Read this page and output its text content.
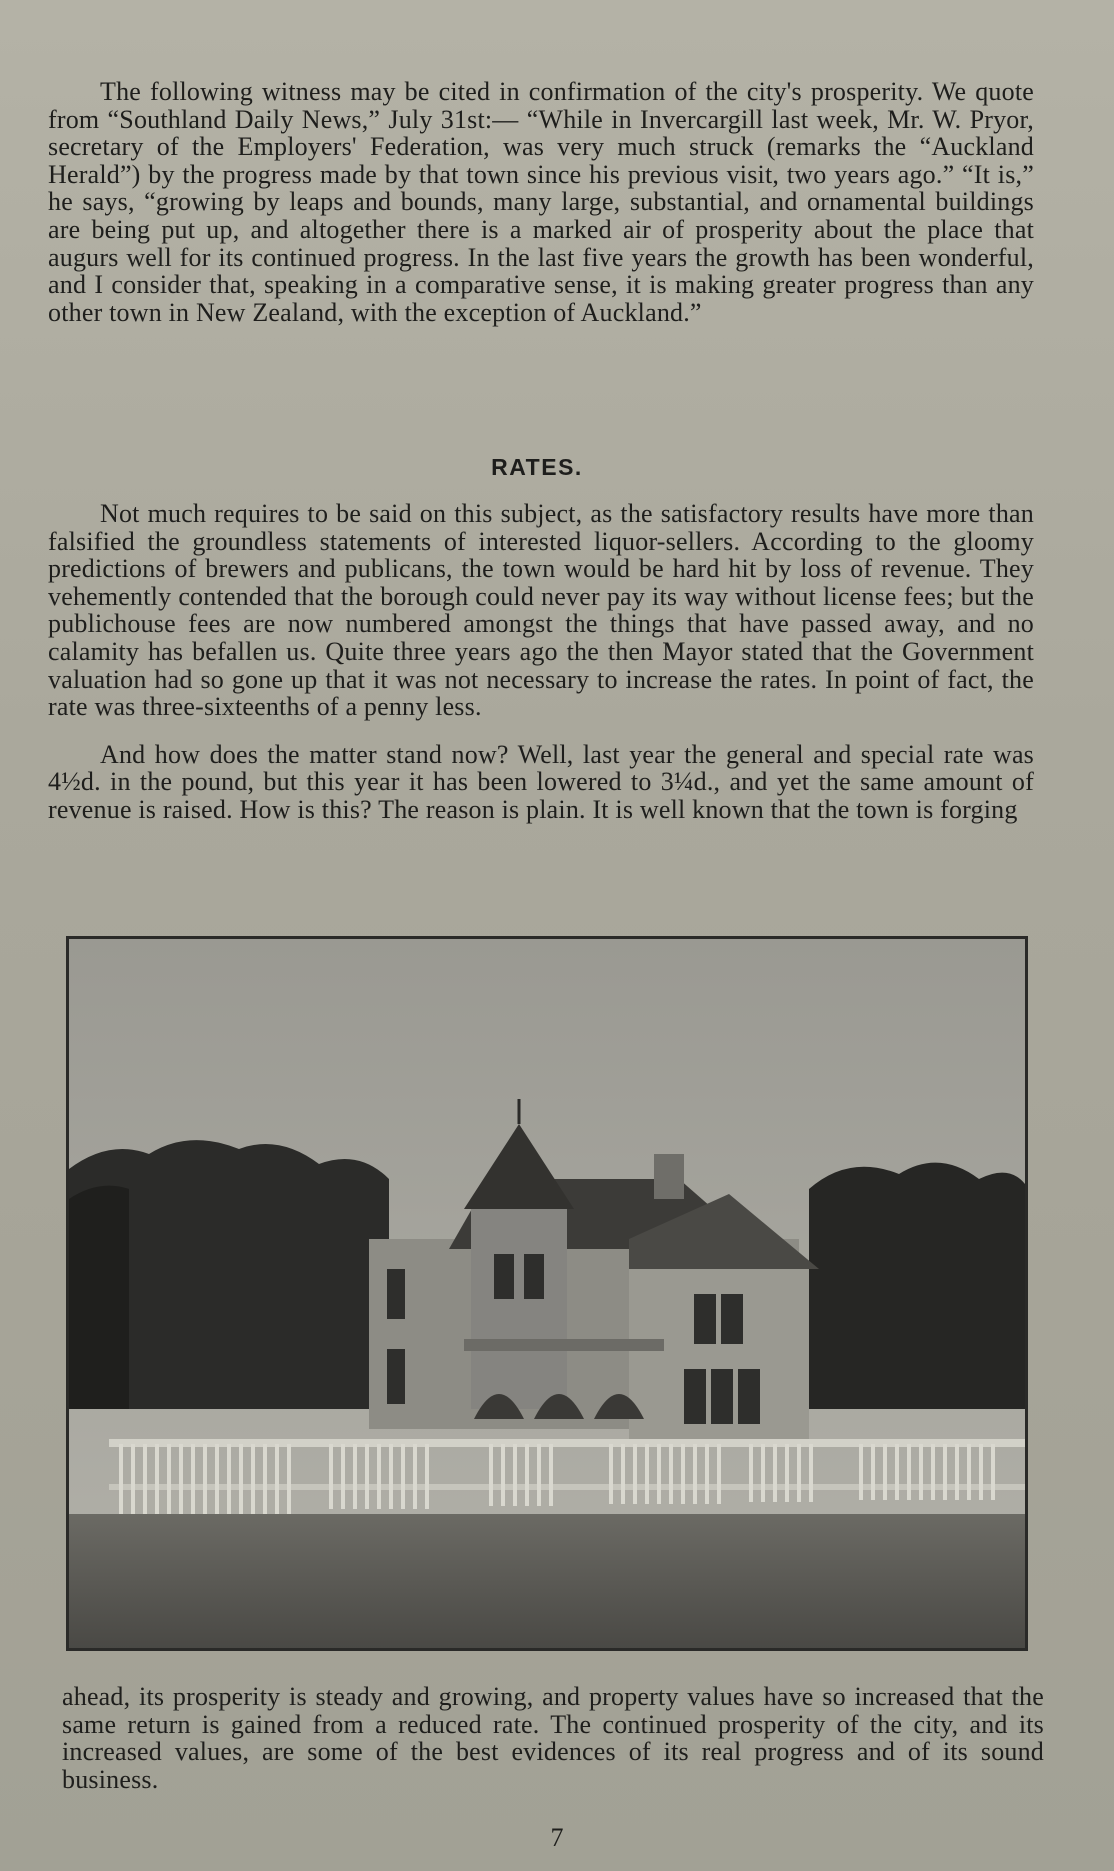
The following witness may be cited in confirmation of the city's prosperity. We quote from “Southland Daily News,” July 31st:— “While in Invercargill last week, Mr. W. Pryor, secretary of the Employers' Federation, was very much struck (remarks the “Auckland Herald”) by the progress made by that town since his previous visit, two years ago.” “It is,” he says, “growing by leaps and bounds, many large, substantial, and ornamental buildings are being put up, and altogether there is a marked air of prosperity about the place that augurs well for its continued progress. In the last five years the growth has been wonderful, and I consider that, speaking in a comparative sense, it is making greater progress than any other town in New Zealand, with the exception of Auckland.”

RATES.

Not much requires to be said on this subject, as the satisfactory results have more than falsified the groundless statements of interested liquor-sellers. According to the gloomy predictions of brewers and publicans, the town would be hard hit by loss of revenue. They vehemently contended that the borough could never pay its way without license fees; but the publichouse fees are now numbered amongst the things that have passed away, and no calamity has befallen us. Quite three years ago the then Mayor stated that the Government valuation had so gone up that it was not necessary to increase the rates. In point of fact, the rate was three-sixteenths of a penny less.

And how does the matter stand now? Well, last year the general and special rate was 4½d. in the pound, but this year it has been lowered to 3¼d., and yet the same amount of revenue is raised. How is this? The reason is plain. It is well known that the town is forging

ahead, its prosperity is steady and growing, and property values have so increased that the same return is gained from a reduced rate. The continued prosperity of the city, and its increased values, are some of the best evidences of its real progress and of its sound business.

7
